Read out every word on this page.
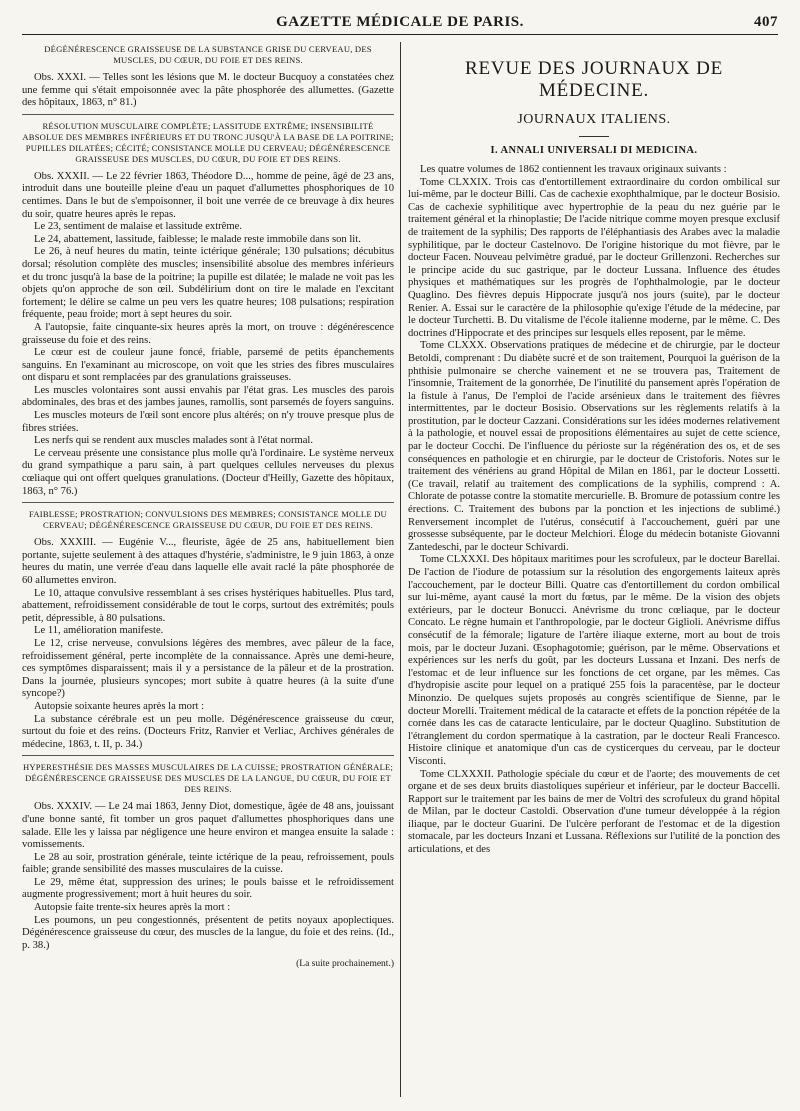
GAZETTE MÉDICALE DE PARIS.	407
DÉGÉNÉRESCENCE GRAISSEUSE DE LA SUBSTANCE GRISE DU CERVEAU, DES MUSCLES, DU CŒUR, DU FOIE ET DES REINS.

Obs. XXXI. — Telles sont les lésions que M. le docteur Bucquoy a constatées chez une femme qui s'était empoisonnée avec la pâte phosphorée des allumettes. (Gazette des hôpitaux, 1863, n° 81.)

RÉSOLUTION MUSCULAIRE COMPLÈTE; LASSITUDE EXTRÊME; INSENSIBILITÉ ABSOLUE DES MEMBRES INFÉRIEURS ET DU TRONC JUSQU'À LA BASE DE LA POITRINE; PUPILLES DILATÉES; CÉCITÉ; CONSISTANCE MOLLE DU CERVEAU; DÉGÉNÉRESCENCE GRAISSEUSE DES MUSCLES, DU CŒUR, DU FOIE ET DES REINS.

Obs. XXXII. — Le 22 février 1863, Théodore D..., homme de peine, âgé de 23 ans, introduit dans une bouteille pleine d'eau un paquet d'allumettes phosphoriques de 10 centimes. Dans le but de s'empoisonner, il boit une verrée de ce breuvage à dix heures du soir, quatre heures après le repas.

Le 23, sentiment de malaise et lassitude extrême.

Le 24, abattement, lassitude, faiblesse; le malade reste immobile dans son lit.

Le 26, à neuf heures du matin, teinte ictérique générale; 130 pulsations; décubitus dorsal; résolution complète des muscles; insensibilité absolue des membres inférieurs et du tronc jusqu'à la base de la poitrine; la pupille est dilatée; le malade ne voit pas les objets qu'on approche de son œil. Subdélirium dont on tire le malade en l'excitant fortement; le délire se calme un peu vers les quatre heures; 108 pulsations; respiration fréquente, peau froide; mort à sept heures du soir.

A l'autopsie, faite cinquante-six heures après la mort, on trouve : dégénérescence graisseuse du foie et des reins.

Le cœur est de couleur jaune foncé, friable, parsemé de petits épanchements sanguins. En l'examinant au microscope, on voit que les stries des fibres musculaires ont disparu et sont remplacées par des granulations graisseuses.

Les muscles volontaires sont aussi envahis par l'état gras. Les muscles des parois abdominales, des bras et des jambes jaunes, ramollis, sont parsemés de foyers sanguins.

Les muscles moteurs de l'œil sont encore plus altérés; on n'y trouve presque plus de fibres striées.

Les nerfs qui se rendent aux muscles malades sont à l'état normal.

Le cerveau présente une consistance plus molle qu'à l'ordinaire. Le système nerveux du grand sympathique a paru sain, à part quelques cellules nerveuses du plexus cœliaque qui ont offert quelques granulations. (Docteur d'Heilly, Gazette des hôpitaux, 1863, n° 76.)

FAIBLESSE; PROSTRATION; CONVULSIONS DES MEMBRES; CONSISTANCE MOLLE DU CERVEAU; DÉGÉNÉRESCENCE GRAISSEUSE DU CŒUR, DU FOIE ET DES REINS.

Obs. XXXIII. — Eugénie V..., fleuriste, âgée de 25 ans, habituellement bien portante, sujette seulement à des attaques d'hystérie, s'administre, le 9 juin 1863, à onze heures du matin, une verrée d'eau dans laquelle elle avait raclé la pâte phosphorée de 60 allumettes environ.

Le 10, attaque convulsive ressemblant à ses crises hystériques habituelles. Plus tard, abattement, refroidissement considérable de tout le corps, surtout des extrémités; pouls petit, dépressible, à 80 pulsations.

Le 11, amélioration manifeste.

Le 12, crise nerveuse, convulsions légères des membres, avec pâleur de la face, refroidissement général, perte incomplète de la connaissance. Après une demi-heure, ces symptômes disparaissent; mais il y a persistance de la pâleur et de la prostration. Dans la journée, plusieurs syncopes; mort subite à quatre heures (à la suite d'une syncope?)

Autopsie soixante heures après la mort :

La substance cérébrale est un peu molle. Dégénérescence graisseuse du cœur, surtout du foie et des reins. (Docteurs Fritz, Ranvier et Verliac, Archives générales de médecine, 1863, t. II, p. 34.)

HYPERESTHÉSIE DES MASSES MUSCULAIRES DE LA CUISSE; PROSTRATION GÉNÉRALE; DÉGÉNÉRESCENCE GRAISSEUSE DES MUSCLES DE LA LANGUE, DU CŒUR, DU FOIE ET DES REINS.

Obs. XXXIV. — Le 24 mai 1863, Jenny Diot, domestique, âgée de 48 ans, jouissant d'une bonne santé, fit tomber un gros paquet d'allumettes phosphoriques dans une salade. Elle les y laissa par négligence une heure environ et mangea ensuite la salade : vomissements.

Le 28 au soir, prostration générale, teinte ictérique de la peau, refroissement, pouls faible; grande sensibilité des masses musculaires de la cuisse.

Le 29, même état, suppression des urines; le pouls baisse et le refroidissement augmente progressivement; mort à huit heures du soir.

Autopsie faite trente-six heures après la mort :

Les poumons, un peu congestionnés, présentent de petits noyaux apoplectiques. Dégénérescence graisseuse du cœur, des muscles de la langue, du foie et des reins. (Id., p. 38.)

(La suite prochainement.)

REVUE DES JOURNAUX DE MÉDECINE.
JOURNAUX ITALIENS.
I. ANNALI UNIVERSALI DI MEDICINA.

Les quatre volumes de 1862 contiennent les travaux originaux suivants :

Tome CLXXIX. Trois cas d'entortillement extraordinaire du cordon ombilical sur lui-même, par le docteur Billi. Cas de cachexie exophthalmique, par le docteur Bosisio. Cas de cachexie syphilitique avec hypertrophie de la peau du nez guérie par le traitement général et la rhinoplastie; De l'acide nitrique comme moyen presque exclusif de traitement de la syphilis; Des rapports de l'éléphantiasis des Arabes avec la maladie syphilitique, par le docteur Castelnovo. De l'origine historique du mot fièvre, par le docteur Facen. Nouveau pelvimètre gradué, par le docteur Grillenzoni. Recherches sur le principe acide du suc gastrique, par le docteur Lussana. Influence des études physiques et mathématiques sur les progrès de l'ophthalmologie, par le docteur Quaglino. Des fièvres depuis Hippocrate jusqu'à nos jours (suite), par le docteur Renier. A. Essai sur le caractère de la philosophie qu'exige l'étude de la médecine, par le docteur Turchetti. B. Du vitalisme de l'école italienne moderne, par le même. C. Des doctrines d'Hippocrate et des principes sur lesquels elles reposent, par le même.

Tome CLXXX. Observations pratiques de médecine et de chirurgie, par le docteur Betoldi, comprenant : Du diabète sucré et de son traitement, Pourquoi la guérison de la phthisie pulmonaire se cherche vainement et ne se trouvera pas, Traitement de l'insomnie, Traitement de la gonorrhée, De l'inutilité du pansement après l'opération de la fistule à l'anus, De l'emploi de l'acide arsénieux dans le traitement des fièvres intermittentes, par le docteur Bosisio. Observations sur les règlements relatifs à la prostitution, par le docteur Cazzani. Considérations sur les idées modernes relativement à la pathologie, et nouvel essai de propositions élémentaires au sujet de cette science, par le docteur Cocchi. De l'influence du périoste sur la régénération des os, et de ses conséquences en pathologie et en chirurgie, par le docteur de Cristoforis. Notes sur le traitement des vénériens au grand Hôpital de Milan en 1861, par le docteur Lossetti. (Ce travail, relatif au traitement des complications de la syphilis, comprend : A. Chlorate de potasse contre la stomatite mercurielle. B. Bromure de potassium contre les érections. C. Traitement des bubons par la ponction et les injections de sublimé.) Renversement incomplet de l'utérus, consécutif à l'accouchement, guéri par une grossesse subséquente, par le docteur Melchiori. Éloge du médecin botaniste Giovanni Zantedeschi, par le docteur Schivardi.

Tome CLXXXI. Des hôpitaux maritimes pour les scrofuleux, par le docteur Barellai. De l'action de l'iodure de potassium sur la résolution des engorgements laiteux après l'accouchement, par le docteur Billi. Quatre cas d'entortillement du cordon ombilical sur lui-même, ayant causé la mort du fœtus, par le même. De la vision des objets extérieurs, par le docteur Bonucci. Anévrisme du tronc cœliaque, par le docteur Concato. Le règne humain et l'anthropologie, par le docteur Giglioli. Anévrisme diffus consécutif de la fémorale; ligature de l'artère iliaque externe, mort au bout de trois mois, par le docteur Juzani. Œsophagotomie; guérison, par le même. Observations et expériences sur les nerfs du goût, par les docteurs Lussana et Inzani. Des nerfs de l'estomac et de leur influence sur les fonctions de cet organe, par les mêmes. Cas d'hydropisie ascite pour lequel on a pratiqué 255 fois la paracentèse, par le docteur Minonzio. De quelques sujets proposés au congrès scientifique de Sienne, par le docteur Morelli. Traitement médical de la cataracte et effets de la ponction répétée de la cornée dans les cas de cataracte lenticulaire, par le docteur Quaglino. Substitution de l'étranglement du cordon spermatique à la castration, par le docteur Reali Francesco. Histoire clinique et anatomique d'un cas de cysticerques du cerveau, par le docteur Visconti.

Tome CLXXXII. Pathologie spéciale du cœur et de l'aorte; des mouvements de cet organe et de ses deux bruits diastoliques supérieur et inférieur, par le docteur Baccelli. Rapport sur le traitement par les bains de mer de Voltri des scrofuleux du grand hôpital de Milan, par le docteur Castoldi. Observation d'une tumeur développée à la région iliaque, par le docteur Guarini. De l'ulcère perforant de l'estomac et de la digestion stomacale, par les docteurs Inzani et Lussana. Réflexions sur l'utilité de la ponction des articulations, et des
